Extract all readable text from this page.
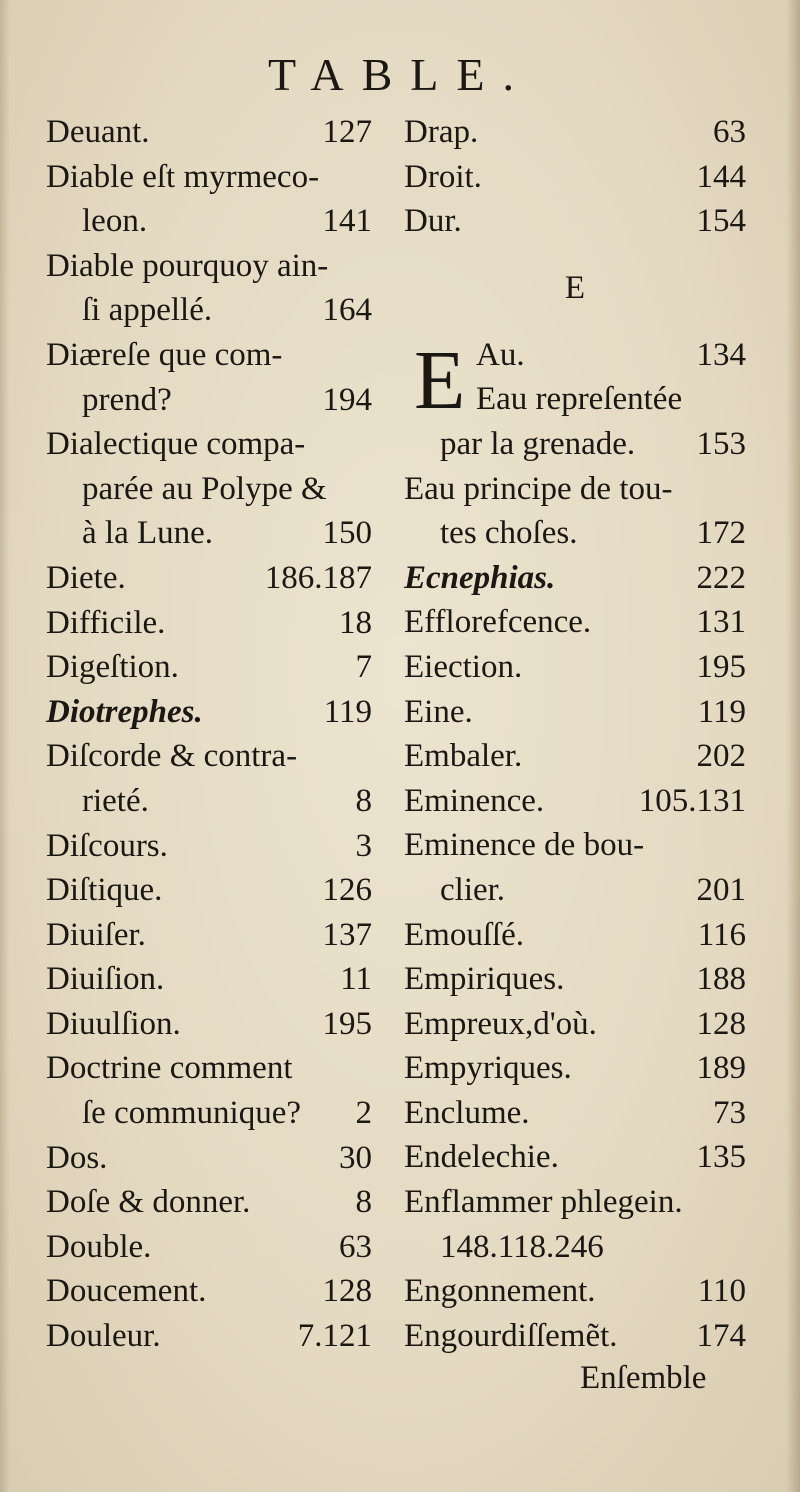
TABLE.
Deuant.	127
Diable eſt myrmeco-
leon.	141
Diable pourquoy ain-
ſi appellé.	164
Diæreſe que com-
prend?	194
Dialectique compa-
parée au Polype &
à la Lune.	150
Diete.	186.187
Difficile.	18
Digeſtion.	7
Diotrephes.	119
Diſcorde & contra-
rieté.	8
Diſcours.	3
Diſtique.	126
Diuiſer.	137
Diuiſion.	11
Diuulſion.	195
Doctrine comment
ſe communique? 2
Dos.	30
Doſe & donner.	8
Double.	63
Doucement.	128
Douleur.	7.121
Drap.	63
Droit.	144
Dur.	154
E
E Au.	134
Eau repreſentée
par la grenade. 153
Eau principe de tou-
tes choſes.	172
Ecnephias.	222
Efflorefcence.	131
Eiection.	195
Eine.	119
Embaler.	202
Eminence.	105.131
Eminence de bou-
clier.	201
Emouſſé.	116
Empiriques.	188
Empreux,d'où.	128
Empyriques.	189
Enclume.	73
Endelechie.	135
Enflammer phlegein.
148.118.246
Engonnement.	110
Engourdiſſemẽt. 174
Enſemble
